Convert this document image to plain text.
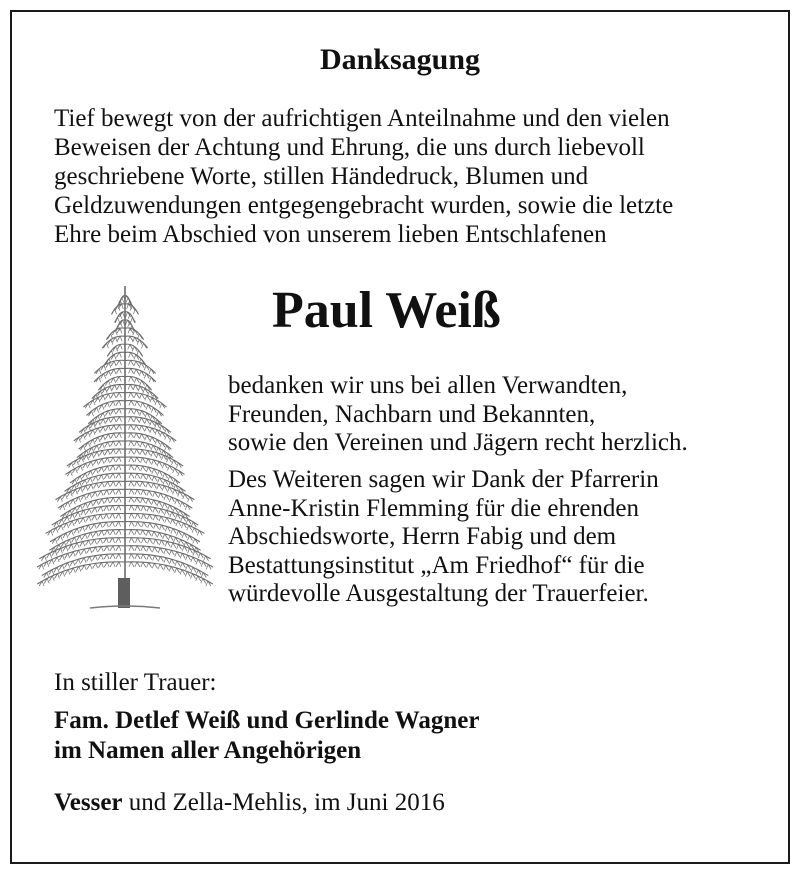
Danksagung

Tief bewegt von der aufrichtigen Anteilnahme und den vielen
Beweisen der Achtung und Ehrung, die uns durch liebevoll
geschriebene Worte, stillen Händedruck, Blumen und
Geldzuwendungen entgegengebracht wurden, sowie die letzte
Ehre beim Abschied von unserem lieben Entschlafenen

Paul Weiß

bedanken wir uns bei allen Verwandten,
Freunden, Nachbarn und Bekannten,
sowie den Vereinen und Jägern recht herzlich.

Des Weiteren sagen wir Dank der Pfarrerin
Anne-Kristin Flemming für die ehrenden
Abschiedsworte, Herrn Fabig und dem
Bestattungsinstitut „Am Friedhof“ für die
würdevolle Ausgestaltung der Trauerfeier.

In stiller Trauer:

Fam. Detlef Weiß und Gerlinde Wagner
im Namen aller Angehörigen

Vesser und Zella-Mehlis, im Juni 2016
